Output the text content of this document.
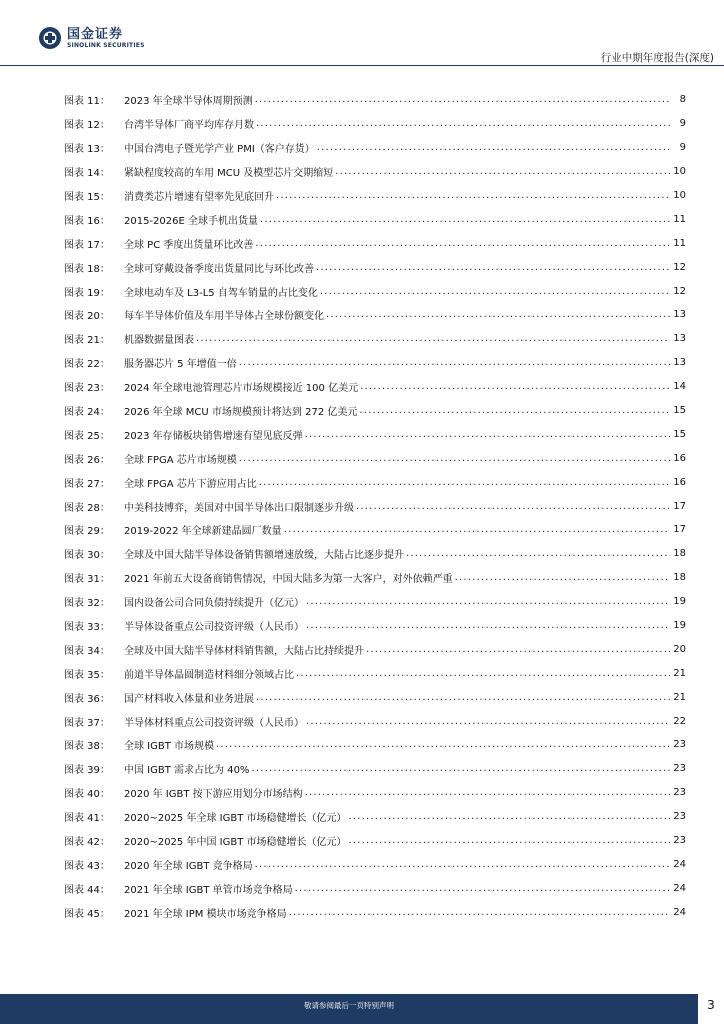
国金证券
SINOLINK SECURITIES
行业中期年度报告(深度)
图表 11：	2023 年全球半导体周期预测 .....	8
图表 12：	台湾半导体厂商平均库存月数 .....	9
图表 13：	中国台湾电子暨光学产业 PMI（客户存货） .....	9
图表 14：	紧缺程度较高的车用 MCU 及模型芯片交期缩短 .....	10
图表 15：	消费类芯片增速有望率先见底回升 .....	10
图表 16：	2015-2026E 全球手机出货量 .....	11
图表 17：	全球 PC 季度出货量环比改善 .....	11
图表 18：	全球可穿戴设备季度出货量同比与环比改善 .....	12
图表 19：	全球电动车及 L3-L5 自驾车销量的占比变化 .....	12
图表 20：	每车半导体价值及车用半导体占全球份额变化 .....	13
图表 21：	机器数据量图表 .....	13
图表 22：	服务器芯片 5 年增值一倍 .....	13
图表 23：	2024 年全球电池管理芯片市场规模接近 100 亿美元 .....	14
图表 24：	2026 年全球 MCU 市场规模预计将达到 272 亿美元 .....	15
图表 25：	2023 年存储板块销售增速有望见底反弹 .....	15
图表 26：	全球 FPGA 芯片市场规模 .....	16
图表 27：	全球 FPGA 芯片下游应用占比 .....	16
图表 28：	中美科技博弈，美国对中国半导体出口限制逐步升级 .....	17
图表 29：	2019-2022 年全球新建晶圆厂数量 .....	17
图表 30：	全球及中国大陆半导体设备销售额增速放缓，大陆占比逐步提升 .....	18
图表 31：	2021 年前五大设备商销售情况，中国大陆多为第一大客户，对外依赖严重 .....	18
图表 32：	国内设备公司合同负债持续提升（亿元） .....	19
图表 33：	半导体设备重点公司投资评级（人民币） .....	19
图表 34：	全球及中国大陆半导体材料销售额，大陆占比持续提升 .....	20
图表 35：	前道半导体晶圆制造材料细分领域占比 .....	21
图表 36：	国产材料收入体量和业务进展 .....	21
图表 37：	半导体材料重点公司投资评级（人民币） .....	22
图表 38：	全球 IGBT 市场规模 .....	23
图表 39：	中国 IGBT 需求占比为 40% .....	23
图表 40：	2020 年 IGBT 按下游应用划分市场结构 .....	23
图表 41：	2020~2025 年全球 IGBT 市场稳健增长（亿元） .....	23
图表 42：	2020~2025 年中国 IGBT 市场稳健增长（亿元） .....	23
图表 43：	2020 年全球 IGBT 竞争格局 .....	24
图表 44：	2021 年全球 IGBT 单管市场竞争格局 .....	24
图表 45：	2021 年全球 IPM 模块市场竞争格局 .....	24
敬请参阅最后一页特别声明	3
